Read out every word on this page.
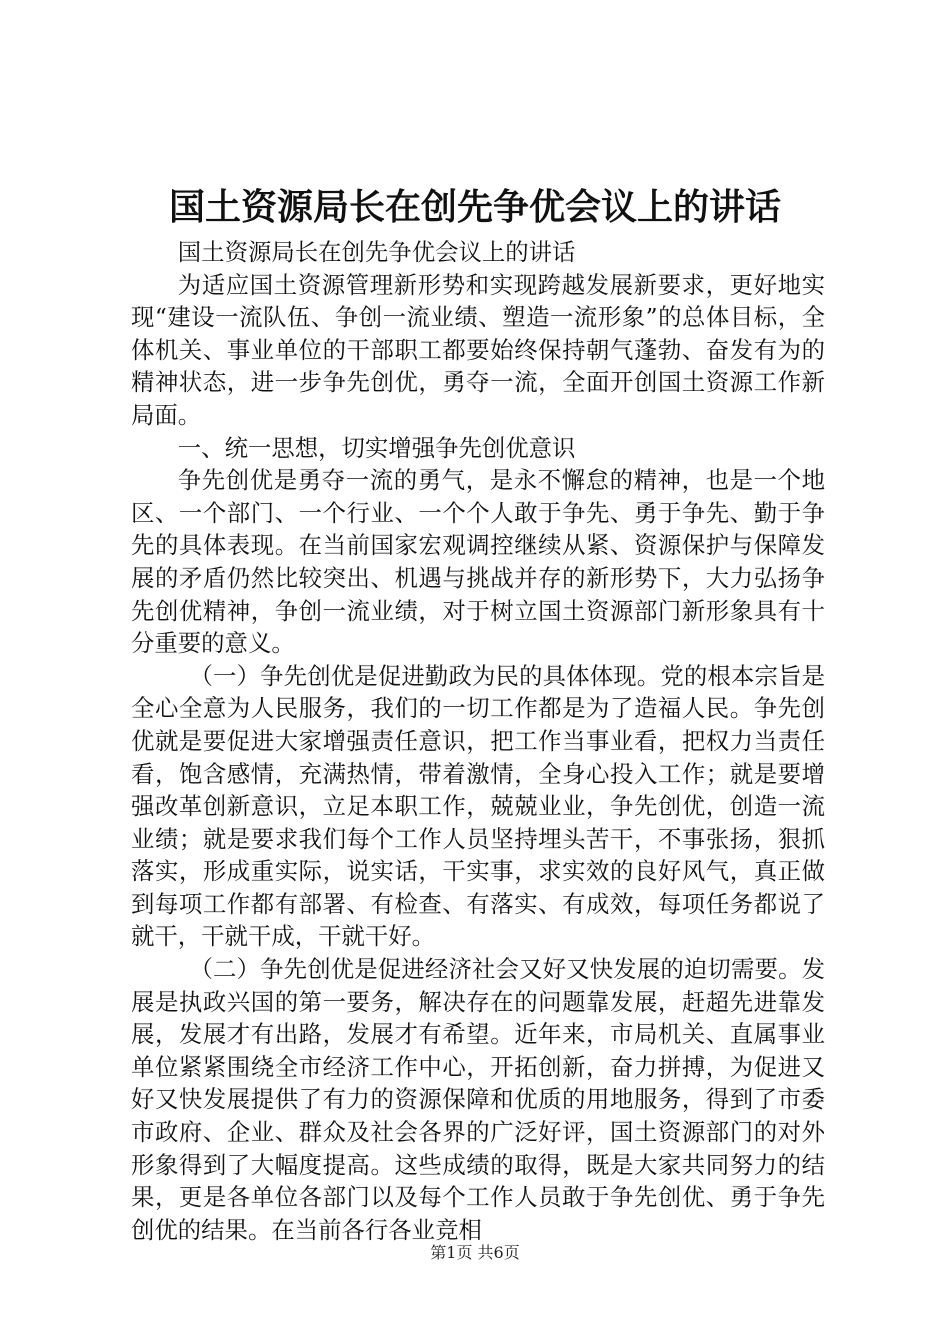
国土资源局长在创先争优会议上的讲话

国土资源局长在创先争优会议上的讲话

为适应国土资源管理新形势和实现跨越发展新要求，更好地实现“建设一流队伍、争创一流业绩、塑造一流形象”的总体目标，全体机关、事业单位的干部职工都要始终保持朝气蓬勃、奋发有为的精神状态，进一步争先创优，勇夺一流，全面开创国土资源工作新局面。

一、统一思想，切实增强争先创优意识

争先创优是勇夺一流的勇气，是永不懈怠的精神，也是一个地区、一个部门、一个行业、一个个人敢于争先、勇于争先、勤于争先的具体表现。在当前国家宏观调控继续从紧、资源保护与保障发展的矛盾仍然比较突出、机遇与挑战并存的新形势下，大力弘扬争先创优精神，争创一流业绩，对于树立国土资源部门新形象具有十分重要的意义。

（一）争先创优是促进勤政为民的具体体现。党的根本宗旨是全心全意为人民服务，我们的一切工作都是为了造福人民。争先创优就是要促进大家增强责任意识，把工作当事业看，把权力当责任看，饱含感情，充满热情，带着激情，全身心投入工作；就是要增强改革创新意识，立足本职工作，兢兢业业，争先创优，创造一流业绩；就是要求我们每个工作人员坚持埋头苦干，不事张扬，狠抓落实，形成重实际，说实话，干实事，求实效的良好风气，真正做到每项工作都有部署、有检查、有落实、有成效，每项任务都说了就干，干就干成，干就干好。

（二）争先创优是促进经济社会又好又快发展的迫切需要。发展是执政兴国的第一要务，解决存在的问题靠发展，赶超先进靠发展，发展才有出路，发展才有希望。近年来，市局机关、直属事业单位紧紧围绕全市经济工作中心，开拓创新，奋力拼搏，为促进又好又快发展提供了有力的资源保障和优质的用地服务，得到了市委市政府、企业、群众及社会各界的广泛好评，国土资源部门的对外形象得到了大幅度提高。这些成绩的取得，既是大家共同努力的结果，更是各单位各部门以及每个工作人员敢于争先创优、勇于争先创优的结果。在当前各行各业竞相

第1页 共6页
